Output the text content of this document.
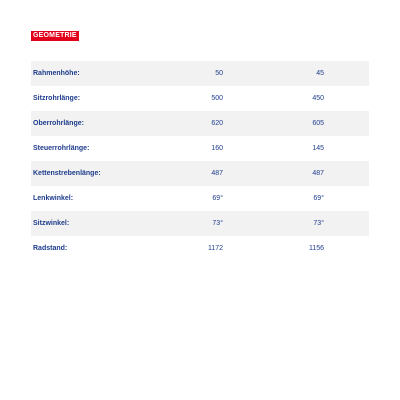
GEOMETRIE
Rahmenhöhe:	50	45
Sitzrohrlänge:	500	450
Oberrohrlänge:	620	605
Steuerrohrlänge:	160	145
Kettenstrebenlänge:	487	487
Lenkwinkel:	69°	69°
Sitzwinkel:	73°	73°
Radstand:	1172	1156
